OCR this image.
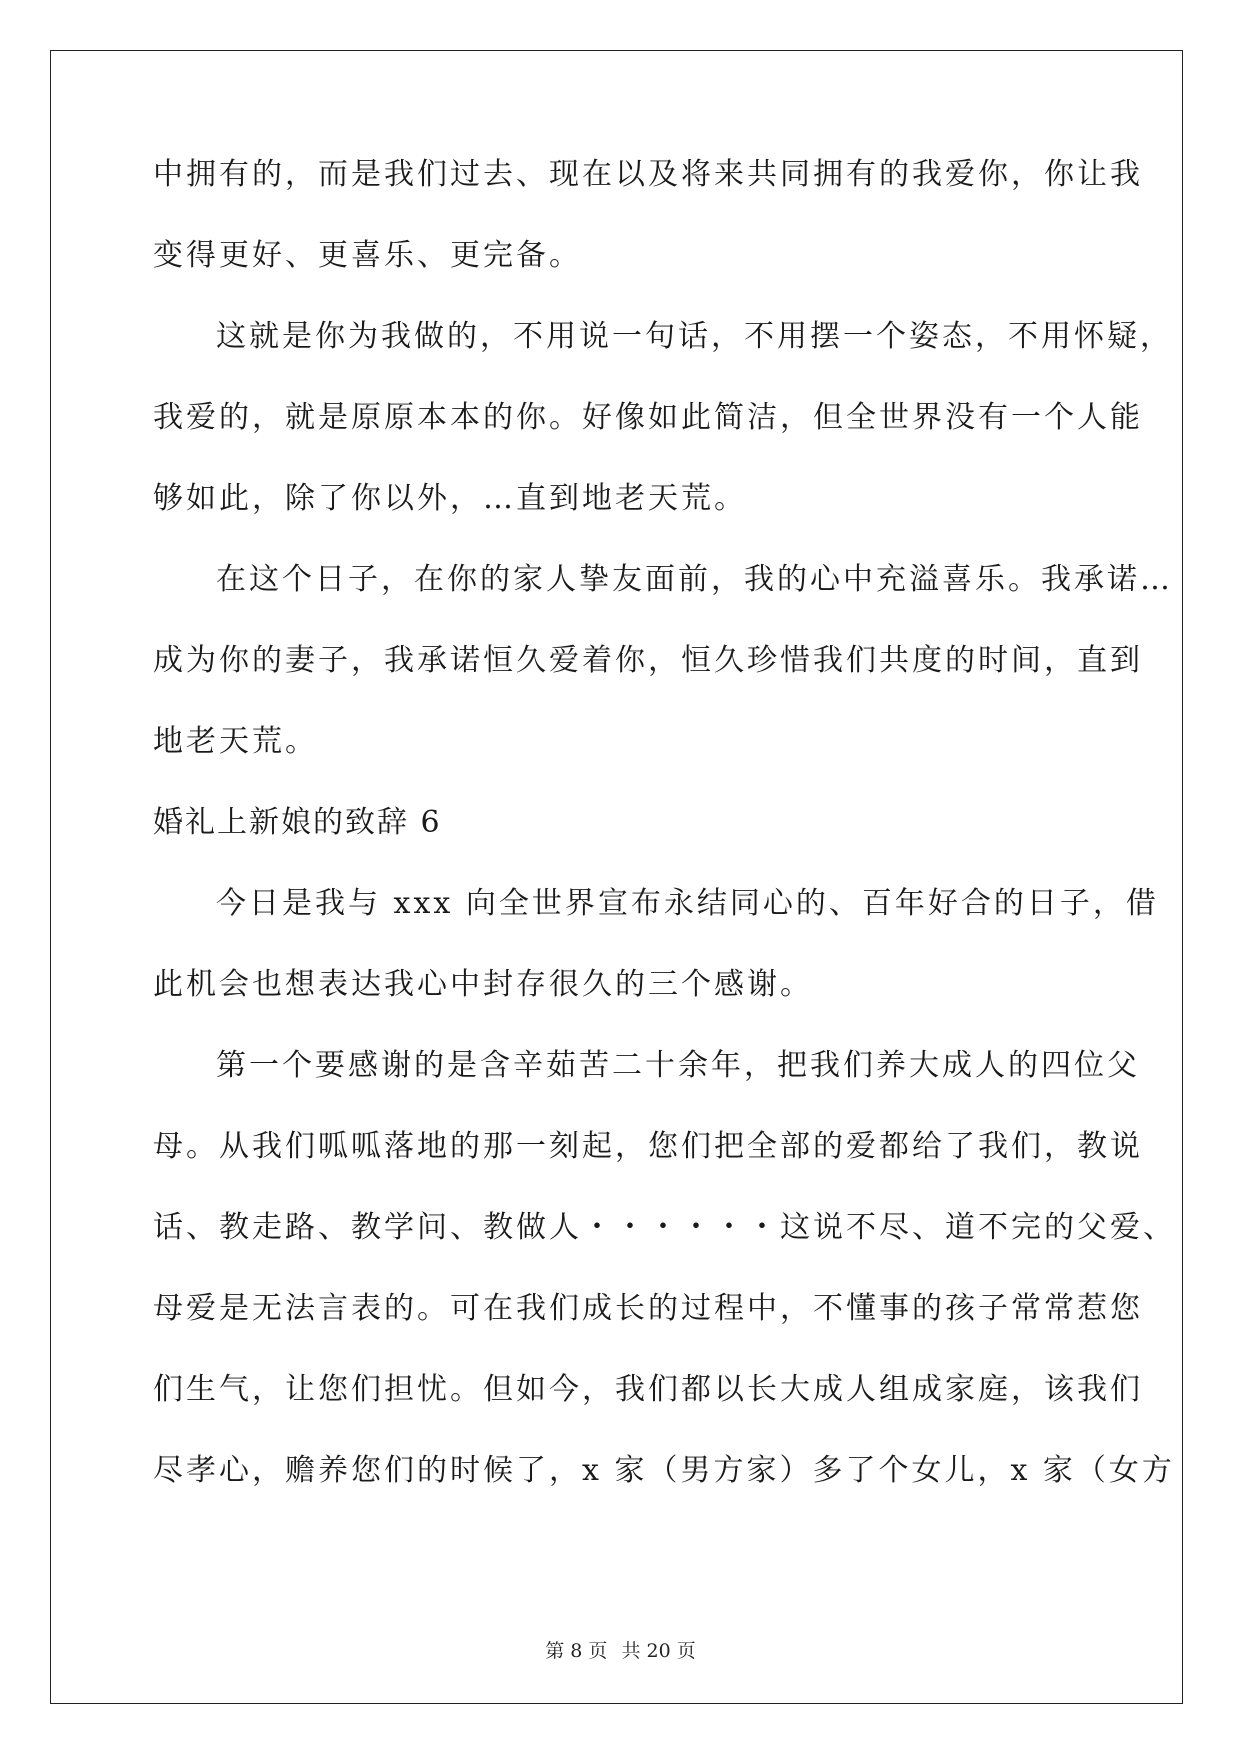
中拥有的，而是我们过去、现在以及将来共同拥有的我爱你，你让我
变得更好、更喜乐、更完备。
这就是你为我做的，不用说一句话，不用摆一个姿态，不用怀疑，
我爱的，就是原原本本的你。好像如此简洁，但全世界没有一个人能
够如此，除了你以外，…直到地老天荒。
在这个日子，在你的家人挚友面前，我的心中充溢喜乐。我承诺…
成为你的妻子，我承诺恒久爱着你，恒久珍惜我们共度的时间，直到
地老天荒。
婚礼上新娘的致辞 6
今日是我与 xxx 向全世界宣布永结同心的、百年好合的日子，借
此机会也想表达我心中封存很久的三个感谢。
第一个要感谢的是含辛茹苦二十余年，把我们养大成人的四位父
母。从我们呱呱落地的那一刻起，您们把全部的爱都给了我们，教说
话、教走路、教学问、教做人・・・・・・这说不尽、道不完的父爱、
母爱是无法言表的。可在我们成长的过程中，不懂事的孩子常常惹您
们生气，让您们担忧。但如今，我们都以长大成人组成家庭，该我们
尽孝心，赡养您们的时候了，x 家（男方家）多了个女儿，x 家（女方
第 8 页 共 20 页
